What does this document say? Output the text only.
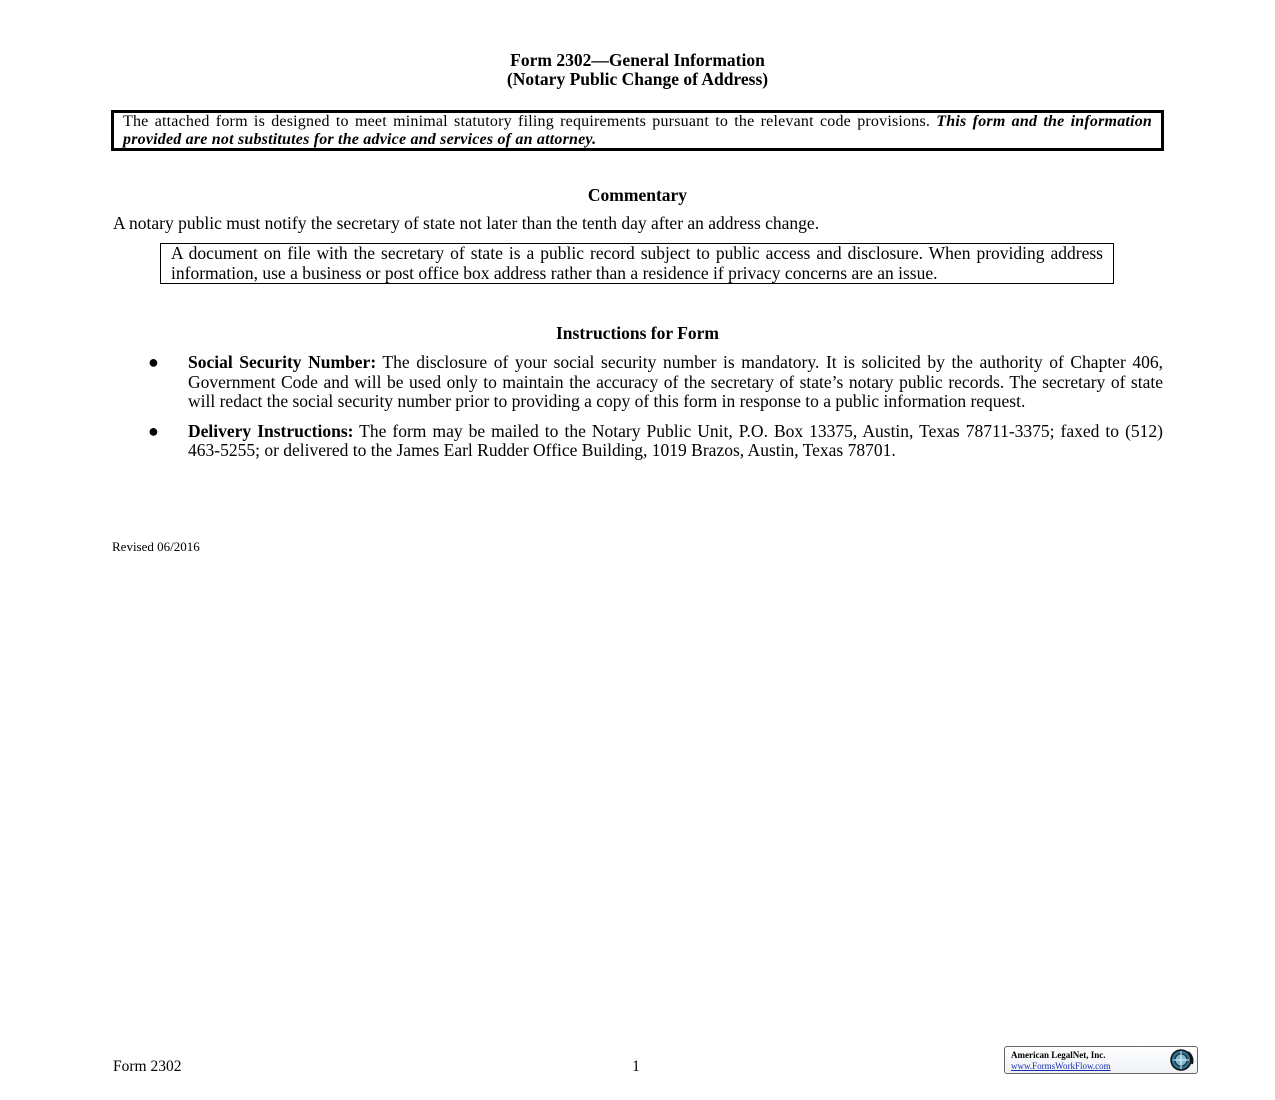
Form 2302—General Information
(Notary Public Change of Address)
The attached form is designed to meet minimal statutory filing requirements pursuant to the relevant code provisions. This form and the information provided are not substitutes for the advice and services of an attorney.
Commentary
A notary public must notify the secretary of state not later than the tenth day after an address change.
A document on file with the secretary of state is a public record subject to public access and disclosure. When providing address information, use a business or post office box address rather than a residence if privacy concerns are an issue.
Instructions for Form
● Social Security Number: The disclosure of your social security number is mandatory. It is solicited by the authority of Chapter 406, Government Code and will be used only to maintain the accuracy of the secretary of state’s notary public records. The secretary of state will redact the social security number prior to providing a copy of this form in response to a public information request.
● Delivery Instructions: The form may be mailed to the Notary Public Unit, P.O. Box 13375, Austin, Texas 78711-3375; faxed to (512) 463-5255; or delivered to the James Earl Rudder Office Building, 1019 Brazos, Austin, Texas 78701.
Revised 06/2016
Form 2302	1
American LegalNet, Inc.
www.FormsWorkFlow.com
